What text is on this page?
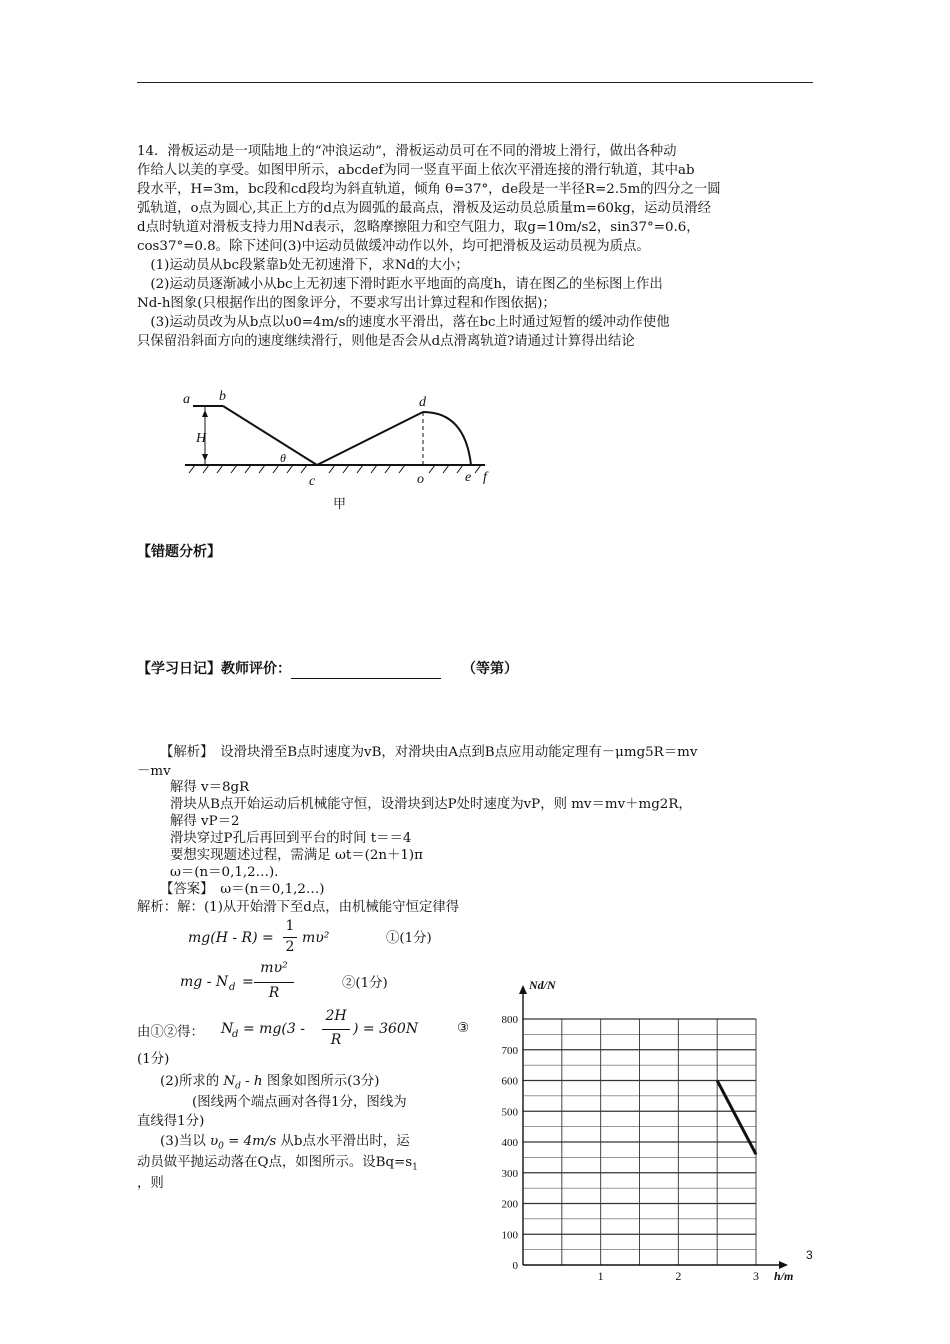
14．滑板运动是一项陆地上的“冲浪运动”，滑板运动员可在不同的滑坡上滑行，做出各种动
作给人以美的享受。如图甲所示，abcdef为同一竖直平面上依次平滑连接的滑行轨道，其中ab
段水平，H=3m，bc段和cd段均为斜直轨道，倾角 θ=37°，de段是一半径R=2.5m的四分之一圆
弧轨道，o点为圆心,其正上方的d点为圆弧的最高点，滑板及运动员总质量m=60kg，运动员滑经
d点时轨道对滑板支持力用Nd表示，忽略摩擦阻力和空气阻力，取g=10m/s2，sin37°=0.6，
cos37°=0.8。除下述问(3)中运动员做缓冲动作以外，均可把滑板及运动员视为质点。
　(1)运动员从bc段紧靠b处无初速滑下，求Nd的大小；
　(2)运动员逐渐减小从bc上无初速下滑时距水平地面的高度h，请在图乙的坐标图上作出
Nd-h图象(只根据作出的图象评分，不要求写出计算过程和作图依据)；
　(3)运动员改为从b点以υ0=4m/s的速度水平滑出，落在bc上时通过短暂的缓冲动作使他
只保留沿斜面方向的速度继续滑行，则他是否会从d点滑离轨道?请通过计算得出结论
a b
H
θ
c
d
o	e f
甲
【错题分析】
【学习日记】教师评价：　　	（等第）
【解析】　设滑块滑至B点时速度为vB，对滑块由A点到B点应用动能定理有－μmg5R＝mv
－mv
解得 v＝8gR
滑块从B点开始运动后机械能守恒，设滑块到达P处时速度为vP，则 mv＝mv＋mg2R，
解得 vP＝2
滑块穿过P孔后再回到平台的时间 t＝＝4
要想实现题述过程，需满足 ωt＝(2n＋1)π
ω＝(n＝0,1,2…)．
【答案】　ω＝(n＝0,1,2…)
解析：解：(1)从开始滑下至d点，由机械能守恒定律得
mg(H - R) =
1
2
mυ²	①(1分)
mg - N d =
mυ²
R
②(1分)
由①②得： N
d = mg(3 -
2H
R
) = 360N	③
(1分)
(2)所求的 $N_d$ - h 图象如图所示(3分)
(图线两个端点画对各得1分，图线为
直线得1分)
(3)当以 $\upsilon_0 = 4m/s$ 从b点水平滑出时，运
动员做平抛运动落在Q点，如图所示。设$Bq=s_1$
，则
0
100
200
300
400
500
600
700
800
1	2	3
Nd/N
h/m
3
